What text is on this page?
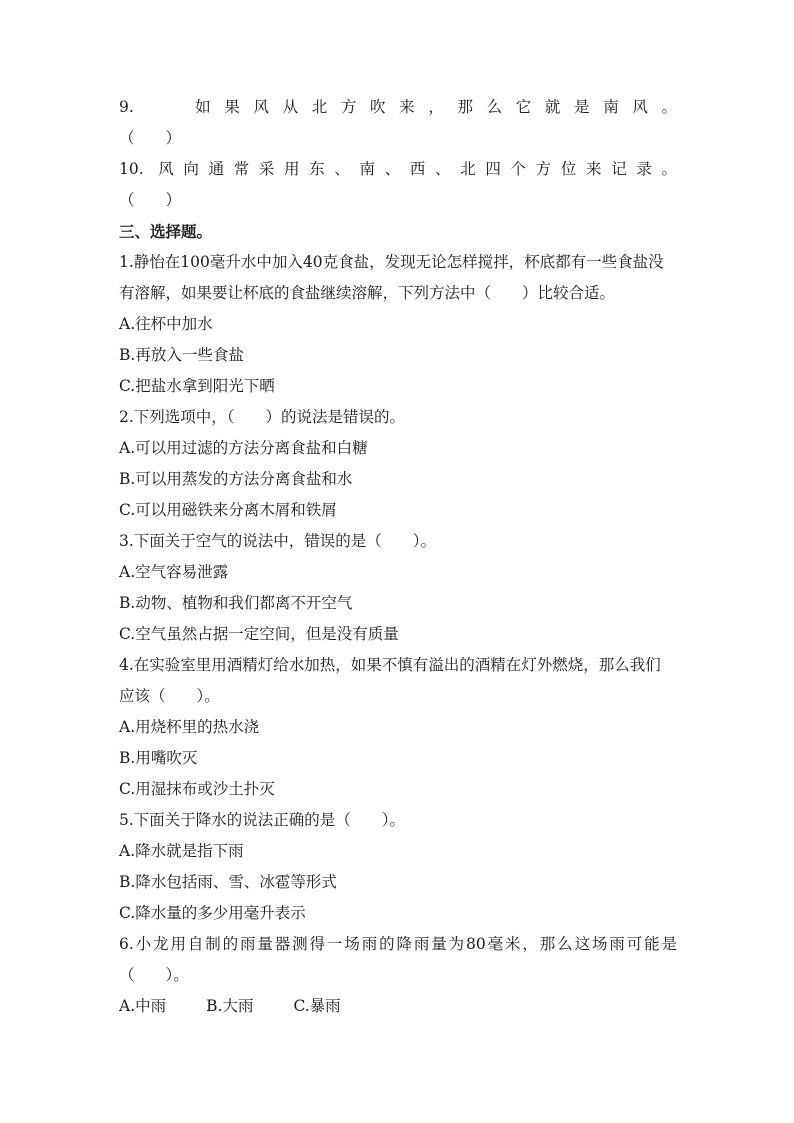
9.　 如果风从北方吹来，那么它就是南风。
（　　）
10. 风向通常采用东、南、西、北四个方位来记录。
（　　）
三、选择题。
1.静怡在100毫升水中加入40克食盐，发现无论怎样搅拌，杯底都有一些食盐没
有溶解，如果要让杯底的食盐继续溶解，下列方法中（　　）比较合适。
A.往杯中加水
B.再放入一些食盐
C.把盐水拿到阳光下晒
2.下列选项中，（　　）的说法是错误的。
A.可以用过滤的方法分离食盐和白糖
B.可以用蒸发的方法分离食盐和水
C.可以用磁铁来分离木屑和铁屑
3.下面关于空气的说法中，错误的是（　　）。
A.空气容易泄露
B.动物、植物和我们都离不开空气
C.空气虽然占据一定空间，但是没有质量
4.在实验室里用酒精灯给水加热，如果不慎有溢出的酒精在灯外燃烧，那么我们
应该（　　）。
A.用烧杯里的热水浇
B.用嘴吹灭
C.用湿抹布或沙土扑灭
5.下面关于降水的说法正确的是（　　）。
A.降水就是指下雨
B.降水包括雨、雪、冰雹等形式
C.降水量的多少用毫升表示
6.小龙用自制的雨量器测得一场雨的降雨量为80毫米，那么这场雨可能是
（　　）。
A.中雨	B.大雨	C.暴雨
